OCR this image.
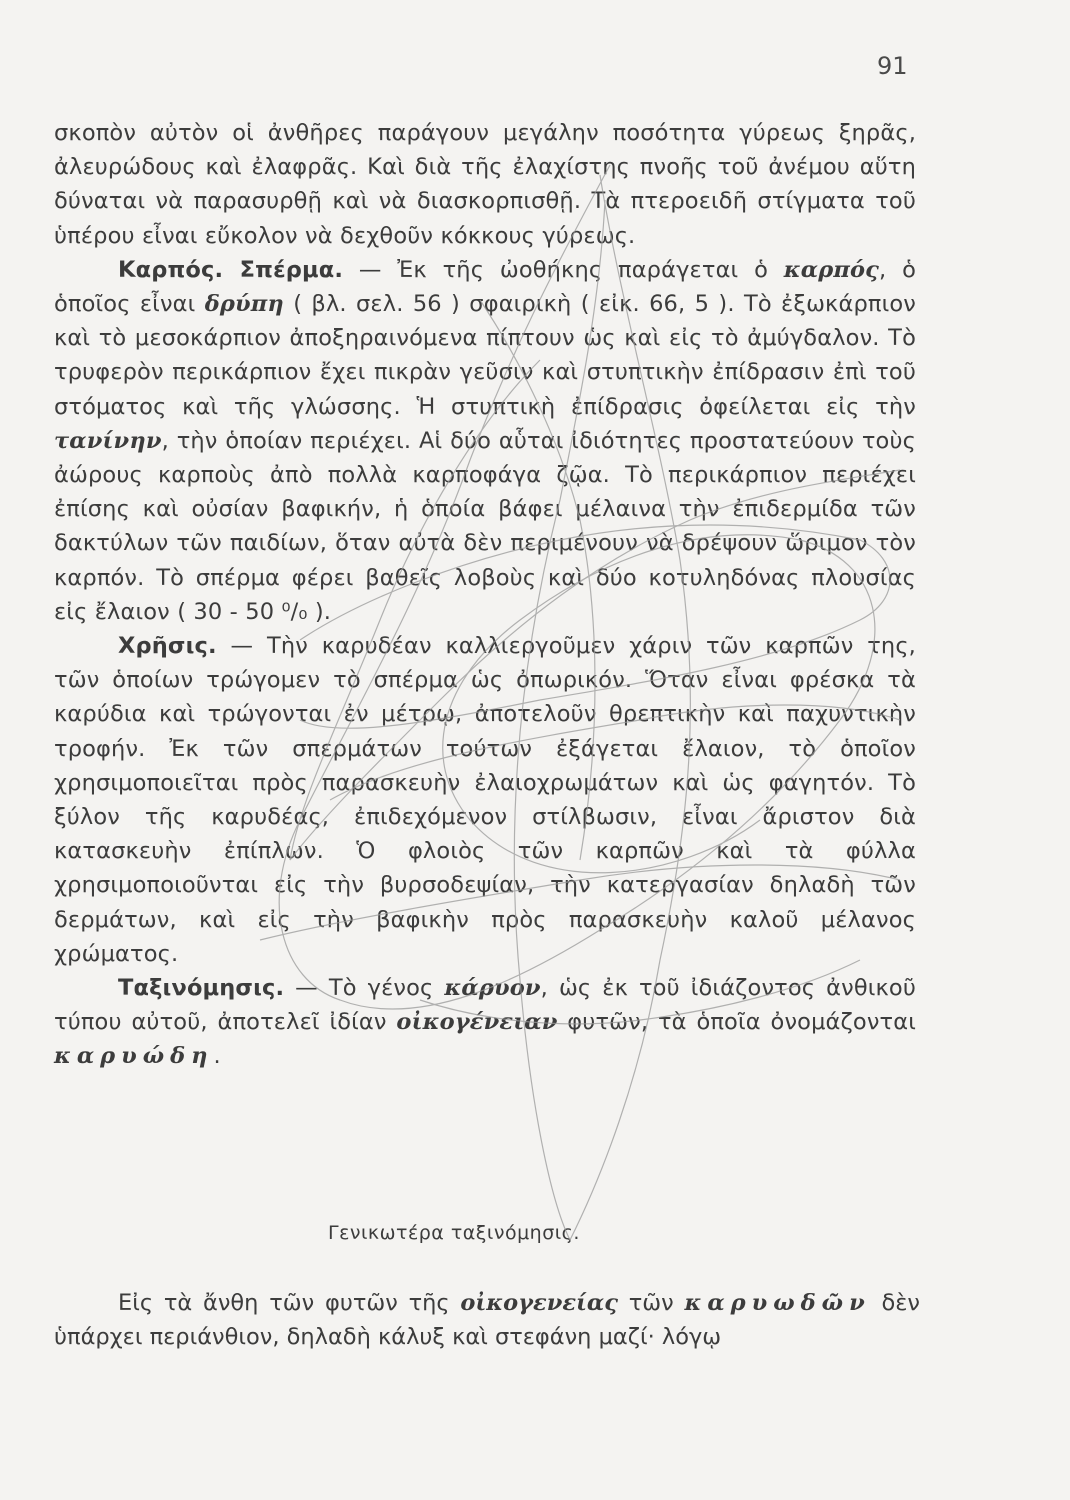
91
σκοπὸν αὐτὸν οἱ ἀνθῆρες παράγουν μεγάλην ποσότητα γύρεως ξηρᾶς, ἀλευρώδους καὶ ἐλαφρᾶς. Καὶ διὰ τῆς ἐλαχίστης πνοῆς τοῦ ἀνέμου αὕτη δύναται νὰ παρασυρθῇ καὶ νὰ διασκορπισθῇ. Τὰ πτεροειδῆ στίγματα τοῦ ὑπέρου εἶναι εὔκολον νὰ δεχθοῦν κόκκους γύρεως.
Καρπός. Σπέρμα. — Ἐκ τῆς ὠοθήκης παράγεται ὁ καρπός, ὁ ὁποῖος εἶναι δρύπη ( βλ. σελ. 56 ) σφαιρικὴ ( εἰκ. 66, 5 ). Τὸ ἐξωκάρπιον καὶ τὸ μεσοκάρπιον ἀποξηραινόμενα πίπτουν ὡς καὶ εἰς τὸ ἀμύγδαλον. Τὸ τρυφερὸν περικάρπιον ἔχει πικρὰν γεῦσιν καὶ στυπτικὴν ἐπίδρασιν ἐπὶ τοῦ στόματος καὶ τῆς γλώσσης. Ἡ στυπτικὴ ἐπίδρασις ὀφείλεται εἰς τὴν τανίνην, τὴν ὁποίαν περιέχει. Αἱ δύο αὗται ἰδιότητες προστατεύουν τοὺς ἀώρους καρποὺς ἀπὸ πολλὰ καρποφάγα ζῷα. Τὸ περικάρπιον περιέχει ἐπίσης καὶ οὐσίαν βαφικήν, ἡ ὁποία βάφει μέλαινα τὴν ἐπιδερμίδα τῶν δακτύλων τῶν παιδίων, ὅταν αὐτὰ δὲν περιμένουν νὰ δρέψουν ὥριμον τὸν καρπόν. Τὸ σπέρμα φέρει βαθεῖς λοβοὺς καὶ δύο κοτυληδόνας πλουσίας εἰς ἔλαιον ( 30 - 50 ⁰/₀ ).
Χρῆσις. — Τὴν καρυδέαν καλλιεργοῦμεν χάριν τῶν καρπῶν της, τῶν ὁποίων τρώγομεν τὸ σπέρμα ὡς ὀπωρικόν. Ὅταν εἶναι φρέσκα τὰ καρύδια καὶ τρώγονται ἐν μέτρῳ, ἀποτελοῦν θρεπτικὴν καὶ παχυντικὴν τροφήν. Ἐκ τῶν σπερμάτων τούτων ἐξάγεται ἔλαιον, τὸ ὁποῖον χρησιμοποιεῖται πρὸς παρασκευὴν ἐλαιοχρωμάτων καὶ ὡς φαγητόν. Τὸ ξύλον τῆς καρυδέας, ἐπιδεχόμενον στίλβωσιν, εἶναι ἄριστον διὰ κατασκευὴν ἐπίπλων. Ὁ φλοιὸς τῶν καρπῶν καὶ τὰ φύλλα χρησιμοποιοῦνται εἰς τὴν βυρσοδεψίαν, τὴν κατεργασίαν δηλαδὴ τῶν δερμάτων, καὶ εἰς τὴν βαφικὴν πρὸς παρασκευὴν καλοῦ μέλανος χρώματος.
Ταξινόμησις. — Τὸ γένος κάρυον, ὡς ἐκ τοῦ ἰδιάζοντος ἀνθικοῦ τύπου αὐτοῦ, ἀποτελεῖ ἰδίαν οἰκογένειαν φυτῶν, τὰ ὁποῖα ὀνομάζονται καρυώδη.
Γενικωτέρα ταξινόμησις.
Εἰς τὰ ἄνθη τῶν φυτῶν τῆς οἰκογενείας τῶν καρυωδῶν δὲν ὑπάρχει περιάνθιον, δηλαδὴ κάλυξ καὶ στεφάνη μαζί· λόγῳ
